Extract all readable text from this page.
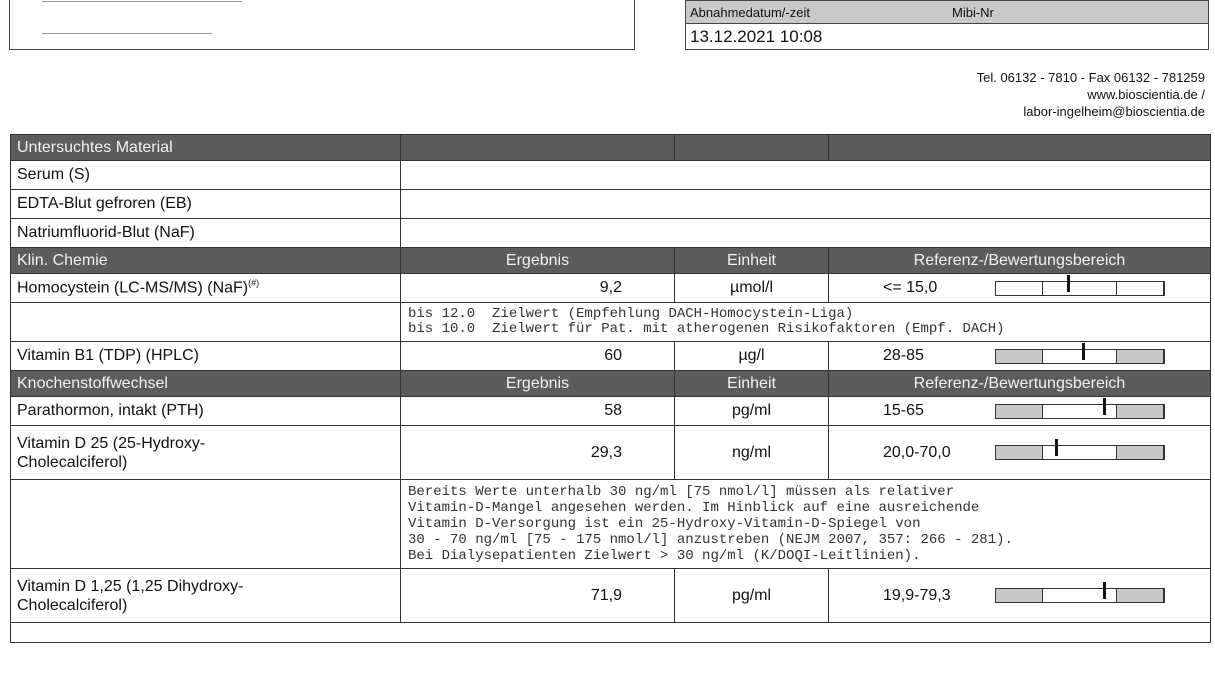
Abnahmedatum/-zeit	Mibi-Nr
13.12.2021 10:08
Tel. 06132 - 7810 - Fax 06132 - 781259
www.bioscientia.de /
labor-ingelheim@bioscientia.de
Untersuchtes Material			
Serum (S)			
EDTA-Blut gefroren (EB)			
Natriumfluorid-Blut (NaF)			
Klin. Chemie	Ergebnis	Einheit	Referenz-/Bewertungsbereich
Homocystein (LC-MS/MS) (NaF)(#)	9,2	µmol/l	<= 15,0

	bis 12.0  Zielwert (Empfehlung DACH-Homocystein-Liga)
bis 10.0  Zielwert für Pat. mit atherogenen Risikofaktoren (Empf. DACH)		
Vitamin B1 (TDP) (HPLC)	60	µg/l	28-85

Knochenstoffwechsel	Ergebnis	Einheit	Referenz-/Bewertungsbereich
Parathormon, intakt (PTH)	58	pg/ml	15-65

Vitamin D 25 (25-Hydroxy-
Cholecalciferol)	29,3	ng/ml	20,0-70,0

	Bereits Werte unterhalb 30 ng/ml [75 nmol/l] müssen als relativer
Vitamin-D-Mangel angesehen werden. Im Hinblick auf eine ausreichende
Vitamin D-Versorgung ist ein 25-Hydroxy-Vitamin-D-Spiegel von
30 - 70 ng/ml [75 - 175 nmol/l] anzustreben (NEJM 2007, 357: 266 - 281).
Bei Dialysepatienten Zielwert > 30 ng/ml (K/DOQI-Leitlinien).		
Vitamin D 1,25 (1,25 Dihydroxy-
Cholecalciferol)	71,9	pg/ml	19,9-79,3
